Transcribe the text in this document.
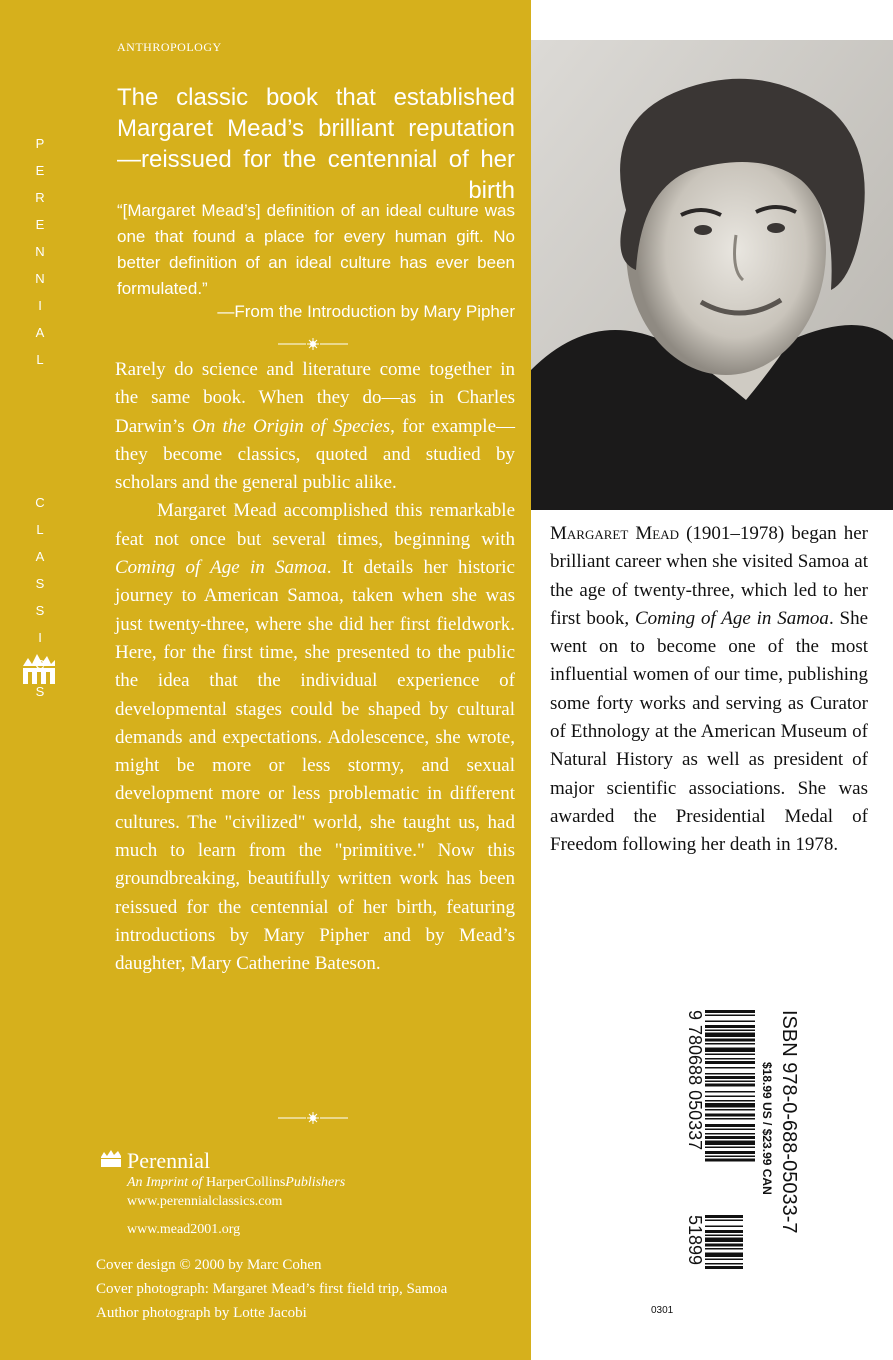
P
E
R
E
N
N
I
A
L
C
L
A
S
S
I
S
ANTHROPOLOGY
The classic book that established Margaret Mead’s brilliant reputation—reissued for the centennial of her birth
“[Margaret Mead’s] definition of an ideal culture was one that found a place for every human gift. No better definition of an ideal culture has ever been formulated.”
—From the Introduction by Mary Pipher

Rarely do science and literature come together in the same book. When they do—as in Charles Darwin’s On the Origin of Species, for example—they become classics, quoted and studied by scholars and the general public alike.

Margaret Mead accomplished this remarkable feat not once but several times, beginning with Coming of Age in Samoa. It details her historic journey to American Samoa, taken when she was just twenty-three, where she did her first fieldwork. Here, for the first time, she presented to the public the idea that the individual experience of developmental stages could be shaped by cultural demands and expectations. Adolescence, she wrote, might be more or less stormy, and sexual development more or less problematic in different cultures. The "civilized" world, she taught us, had much to learn from the "primitive." Now this groundbreaking, beautifully written work has been reissued for the centennial of her birth, featuring introductions by Mary Pipher and by Mead’s daughter, Mary Catherine Bateson.

Perennial
An Imprint of HarperCollinsPublishers
www.perennialclassics.com
www.mead2001.org
Cover design © 2000 by Marc Cohen
Cover photograph: Margaret Mead’s first field trip, Samoa
Author photograph by Lotte Jacobi
Margaret Mead (1901–1978) began her brilliant career when she visited Samoa at the age of twenty-three, which led to her first book, Coming of Age in Samoa. She went on to become one of the most influential women of our time, publishing some forty works and serving as Curator of Ethnology at the American Museum of Natural History as well as president of major scientific associations. She was awarded the Presidential Medal of Freedom following her death in 1978.
ISBN 978-0-688-05033-7
$18.99 US / $23.99 CAN
9 780688 050337
51899
0301
